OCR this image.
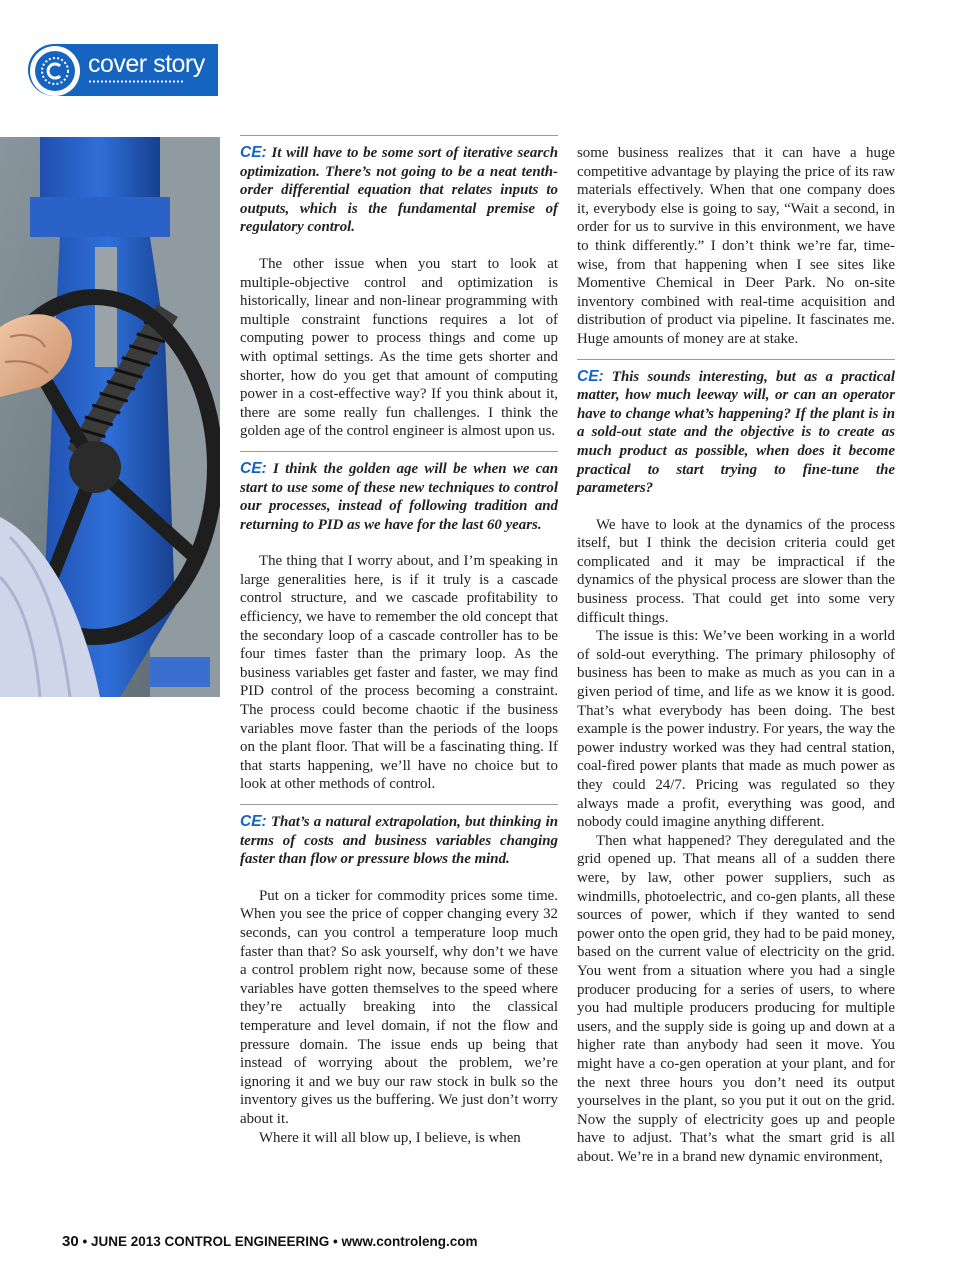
cover story

CE: It will have to be some sort of iterative search optimization. There’s not going to be a neat tenth-order differential equation that relates inputs to outputs, which is the fundamental premise of regulatory control.

The other issue when you start to look at multiple-objective control and optimization is historically, linear and non-linear programming with multiple constraint functions requires a lot of computing power to process things and come up with optimal settings. As the time gets shorter and shorter, how do you get that amount of computing power in a cost-effective way? If you think about it, there are some really fun challenges. I think the golden age of the control engineer is almost upon us.

CE: I think the golden age will be when we can start to use some of these new techniques to control our processes, instead of following tradition and returning to PID as we have for the last 60 years.

The thing that I worry about, and I’m speaking in large generalities here, is if it truly is a cascade control structure, and we cascade profitability to efficiency, we have to remember the old concept that the secondary loop of a cascade controller has to be four times faster than the primary loop. As the business variables get faster and faster, we may find PID control of the process becoming a constraint. The process could become chaotic if the business variables move faster than the periods of the loops on the plant floor. That will be a fascinating thing. If that starts happening, we’ll have no choice but to look at other methods of control.

CE: That’s a natural extrapolation, but thinking in terms of costs and business variables changing faster than flow or pressure blows the mind.

Put on a ticker for commodity prices some time. When you see the price of copper changing every 32 seconds, can you control a temperature loop much faster than that? So ask yourself, why don’t we have a control problem right now, because some of these variables have gotten themselves to the speed where they’re actually breaking into the classical temperature and level domain, if not the flow and pressure domain. The issue ends up being that instead of worrying about the problem, we’re ignoring it and we buy our raw stock in bulk so the inventory gives us the buffering. We just don’t worry about it.

Where it will all blow up, I believe, is when

some business realizes that it can have a huge competitive advantage by playing the price of its raw materials effectively. When that one company does it, everybody else is going to say, “Wait a second, in order for us to survive in this environment, we have to think differently.” I don’t think we’re far, time-wise, from that happening when I see sites like Momentive Chemical in Deer Park. No on-site inventory combined with real-time acquisition and distribution of product via pipeline. It fascinates me. Huge amounts of money are at stake.

CE: This sounds interesting, but as a practical matter, how much leeway will, or can an operator have to change what’s happening? If the plant is in a sold-out state and the objective is to create as much product as possible, when does it become practical to start trying to fine-tune the parameters?

We have to look at the dynamics of the process itself, but I think the decision criteria could get complicated and it may be impractical if the dynamics of the physical process are slower than the business process. That could get into some very difficult things.

The issue is this: We’ve been working in a world of sold-out everything. The primary philosophy of business has been to make as much as you can in a given period of time, and life as we know it is good. That’s what everybody has been doing. The best example is the power industry. For years, the way the power industry worked was they had central station, coal-fired power plants that made as much power as they could 24/7. Pricing was regulated so they always made a profit, everything was good, and nobody could imagine anything different.

Then what happened? They deregulated and the grid opened up. That means all of a sudden there were, by law, other power suppliers, such as windmills, photoelectric, and co-gen plants, all these sources of power, which if they wanted to send power onto the open grid, they had to be paid money, based on the current value of electricity on the grid. You went from a situation where you had a single producer producing for a series of users, to where you had multiple producers producing for multiple users, and the supply side is going up and down at a higher rate than anybody had seen it move. You might have a co-gen operation at your plant, and for the next three hours you don’t need its output yourselves in the plant, so you put it out on the grid. Now the supply of electricity goes up and people have to adjust. That’s what the smart grid is all about. We’re in a brand new dynamic environment,

30 • JUNE 2013 CONTROL ENGINEERING • www.controleng.com
